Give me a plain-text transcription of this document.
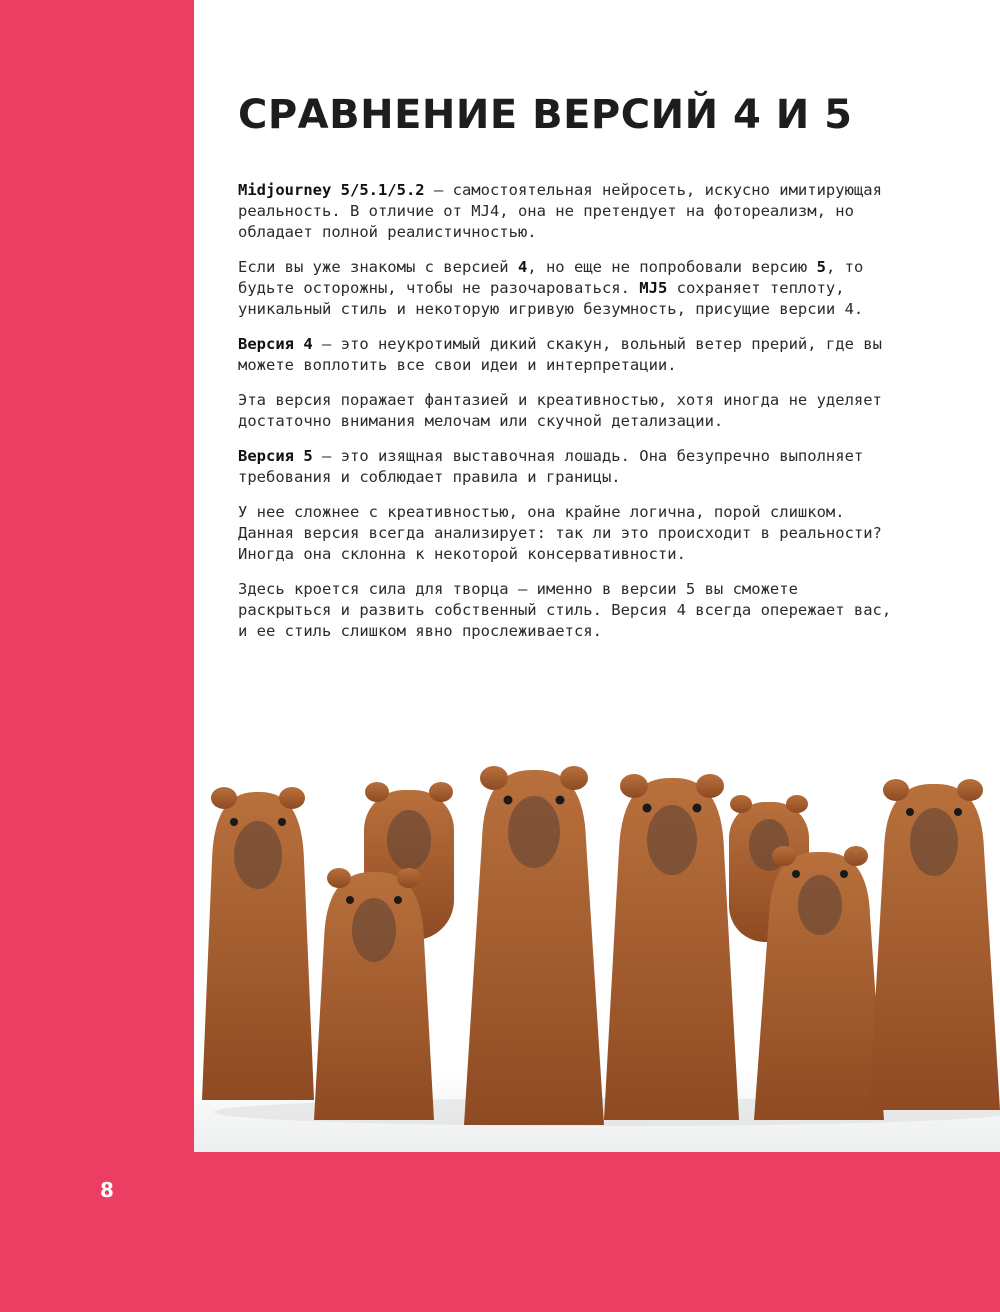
СРАВНЕНИЕ ВЕРСИЙ 4 И 5

Midjourney 5/5.1/5.2 — самостоятельная нейросеть, искусно имитирующая реальность. В отличие от MJ4, она не претендует на фотореализм, но обладает полной реалистичностью.

Если вы уже знакомы с версией 4, но еще не попробовали версию 5, то будьте осторожны, чтобы не разочароваться. MJ5 сохраняет теплоту, уникальный стиль и некоторую игривую безумность, присущие версии 4.

Версия 4 — это неукротимый дикий скакун, вольный ветер прерий, где вы можете воплотить все свои идеи и интерпретации.

Эта версия поражает фантазией и креативностью, хотя иногда не уделяет достаточно внимания мелочам или скучной детализации.

Версия 5 — это изящная выставочная лошадь. Она безупречно выполняет требования и соблюдает правила и границы.

У нее сложнее с креативностью, она крайне логична, порой слишком. Данная версия всегда анализирует: так ли это происходит в реальности? Иногда она склонна к некоторой консервативности.

Здесь кроется сила для творца — именно в версии 5 вы сможете раскрыться и развить собственный стиль. Версия 4 всегда опережает вас, и ее стиль слишком явно прослеживается.

8
